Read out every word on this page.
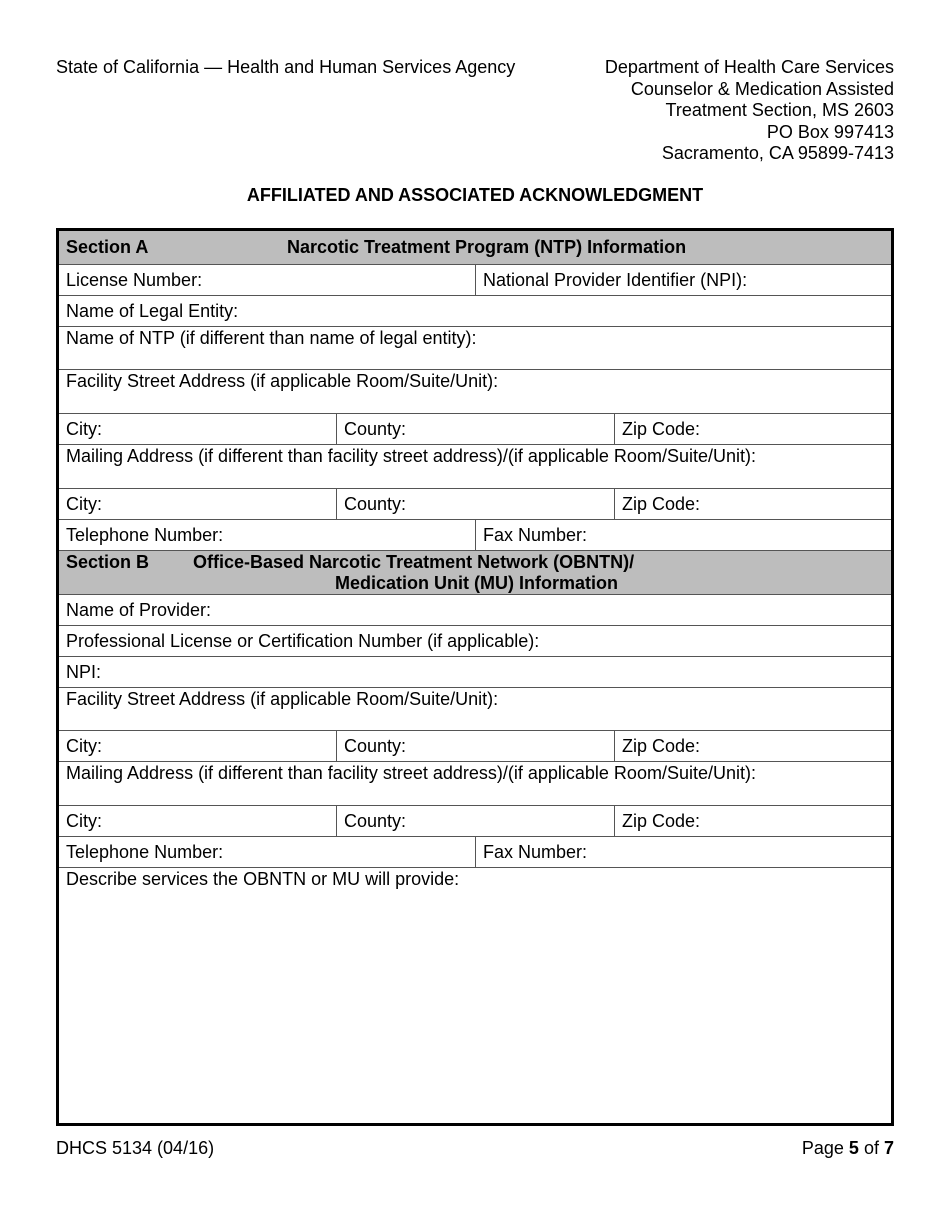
State of California — Health and Human Services Agency	Department of Health Care Services
Counselor & Medication Assisted
Treatment Section, MS 2603
PO Box 997413
Sacramento, CA 95899-7413
AFFILIATED AND ASSOCIATED ACKNOWLEDGMENT
Section A	Narcotic Treatment Program (NTP) Information
License Number:	National Provider Identifier (NPI):
Name of Legal Entity:
Name of NTP (if different than name of legal entity):
Facility Street Address (if applicable Room/Suite/Unit):
City:	County:	Zip Code:
Mailing Address (if different than facility street address)/(if applicable Room/Suite/Unit):
City:	County:	Zip Code:
Telephone Number:	Fax Number:
Section B Office-Based Narcotic Treatment Network (OBNTN)/
Medication Unit (MU) Information
Name of Provider:
Professional License or Certification Number (if applicable):
NPI:
Facility Street Address (if applicable Room/Suite/Unit):
City:	County:	Zip Code:
Mailing Address (if different than facility street address)/(if applicable Room/Suite/Unit):
City:	County:	Zip Code:
Telephone Number:	Fax Number:
Describe services the OBNTN or MU will provide:
DHCS 5134 (04/16)	Page 5 of 7
